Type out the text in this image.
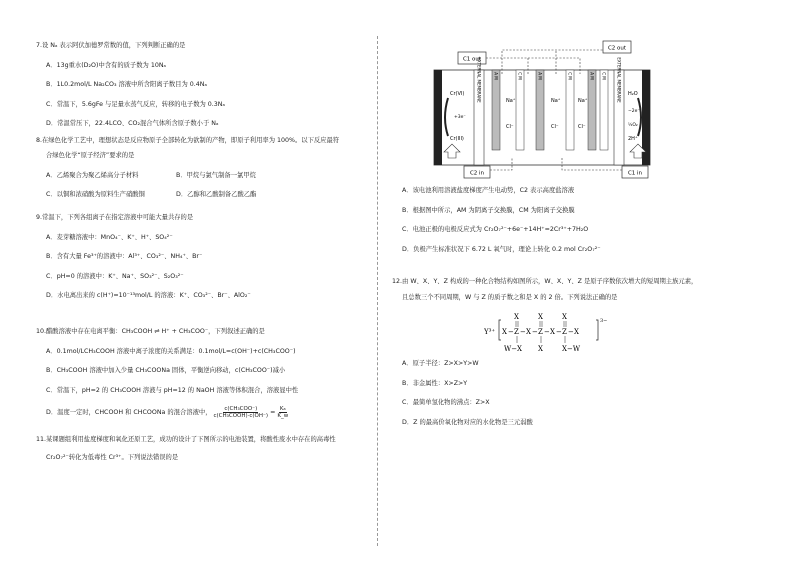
7.设 Nₐ 表示阿伏加德罗常数的值，下列判断正确的是
A．13g重水(D₂O)中含有的质子数为 10Nₐ
B．1L0.2mol/L Na₂CO₃ 溶液中所含阳离子数目为 0.4Nₐ
C．常温下，5.6gFe 与足量水蒸气反应，转移的电子数为 0.3Nₐ
D．常温常压下，22.4LCO、CO₂混合气体所含原子数小于 Nₐ
8.在绿色化学工艺中，理想状态是反应物原子全部转化为欲制的产物，即原子利用率为 100%。以下反应最符
合绿色化学“原子经济”要求的是
A．乙烯聚合为聚乙烯高分子材料	B．甲烷与氯气制备一氯甲烷
C．以铜和浓硝酸为原料生产硝酸铜	D．乙醇和乙酸制备乙酸乙酯
9.常温下，下列各组离子在指定溶液中可能大量共存的是
A．麦芽糖溶液中：MnO₄⁻、K⁺、H⁺、SO₄²⁻
B．含有大量 Fe³⁺的溶液中：Al³⁺、CO₃²⁻、NH₄⁺、Br⁻
C．pH=0 的溶液中：K⁺、Na⁺、SO₃²⁻、S₂O₃²⁻
D．水电离出来的 c(H⁺)=10⁻¹³mol/L 的溶液：K⁺、CO₃²⁻、Br⁻、AlO₂⁻
10.醋酸溶液中存在电离平衡：CH₃COOH ⇌ H⁺ + CH₃COO⁻，下列叙述正确的是
A．0.1mol/LCH₃COOH 溶液中离子浓度的关系满足：0.1mol/L=c(OH⁻)+c(CH₃COO⁻)
B．CH₃COOH 溶液中加入少量 CH₃COONa 固体，平衡逆向移动，c(CH₃COO⁻)减小
C．常温下，pH=2 的 CH₃COOH 溶液与 pH=12 的 NaOH 溶液等体积混合，溶液显中性
D．温度一定时，CHCOOH 和 CHCOONa 的混合溶液中， c(CH₃COO⁻)
c(CH₃COOH)·c(OH⁻)
= $\frac{\text{Kₐ}}{K\_w}$
11.某课题组利用盐度梯度和氧化还原工艺，成功的设计了下图所示的电池装置，将酸性废水中存在的高毒性
Cr₂O₇²⁻转化为低毒性 Cr³⁺。下列说法错误的是
C1 out
C2 out
EXTERNAL MEMBRANE	EXTERNAL MEMBRANE
A M	C M	A M	C M	A M C M
Na⁺
Cl⁻
Na⁺
Cl⁻
Na⁺
Cl⁻
Cr(VI)
+3e⁻
Cr(III)
H₂O
−2e⁻
½O₂
2H⁺
C2 in	C1 in
A．该电池利用溶液盐度梯度产生电动势，C2 表示高度盐溶液
B．根据图中所示，AM 为阴离子交换膜，CM 为阳离子交换膜
C．电池正极的电极反应式为 Cr₂O₇²⁻+6e⁻+14H⁺=2Cr³⁺+7H₂O
D．负极产生标准状况下 6.72 L 氧气时，理论上转化 0.2 mol Cr₂O₇²⁻
12.由 W、X、Y、Z 构成的一种化合物结构如图所示，W、X、Y、Z 是原子序数依次增大的短周期主族元素，
且总数三个不同周期，W 与 Z 的质子数之和是 X 的 2 倍。下列说法正确的是
Y³⁺
3−
X − Z − X − Z − X − Z − X
X	X	X
W−X X	X−W
A．原子半径：Z>X>Y>W
B．非金属性：X>Z>Y
C．最简单氢化物的沸点：Z>X
D．Z 的最高价氧化物对应的水化物是三元弱酸
